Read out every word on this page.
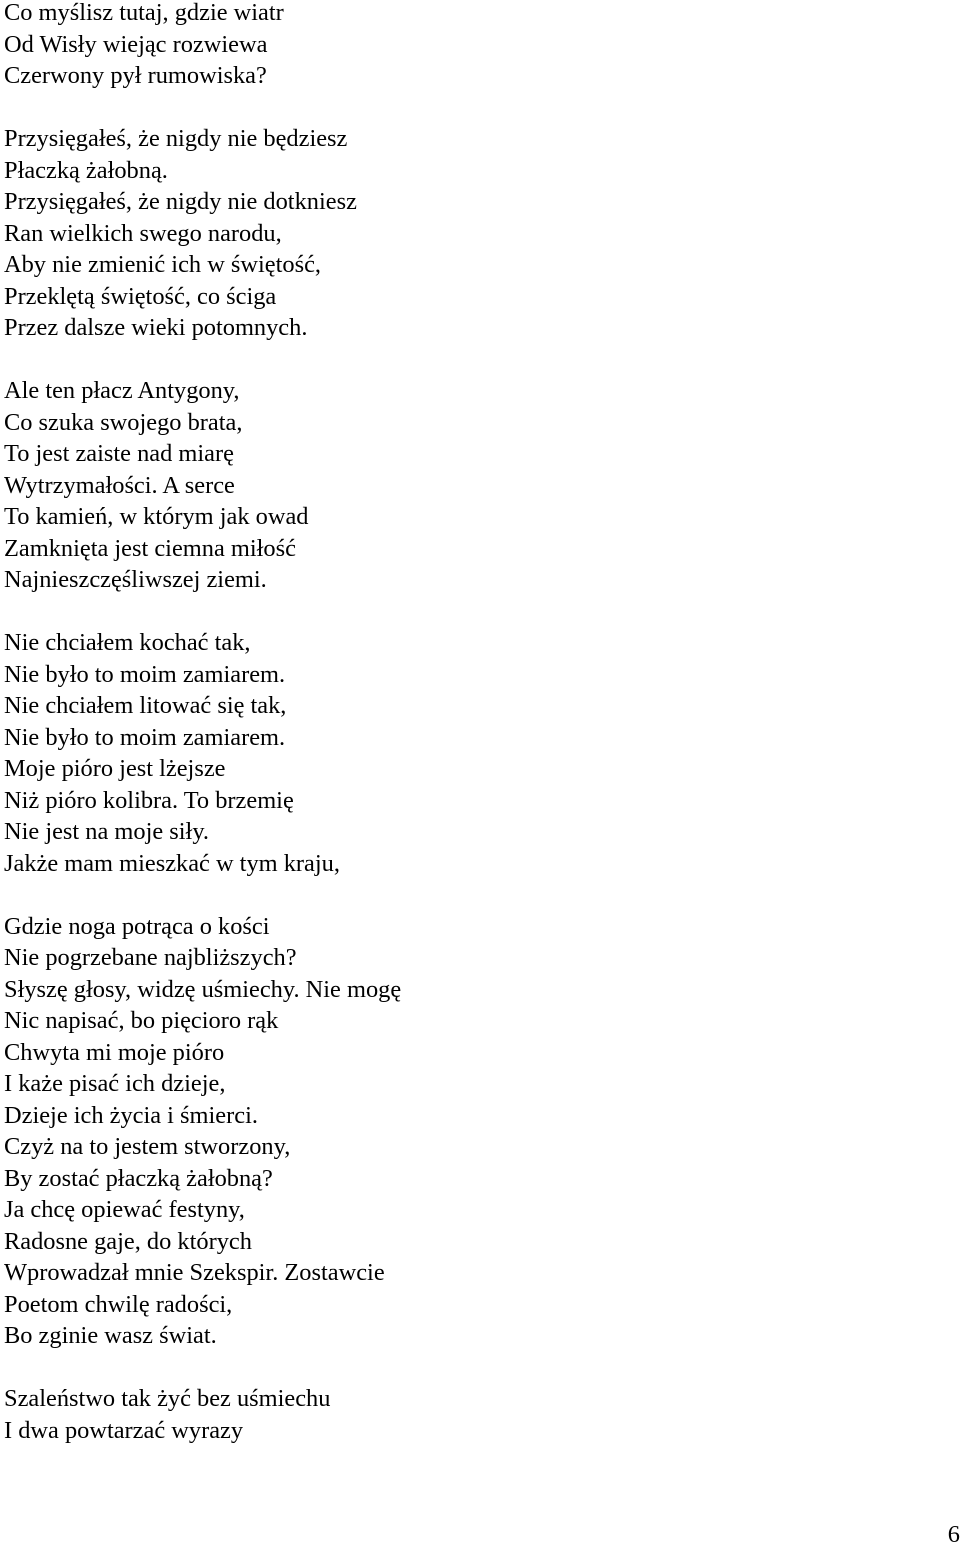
Co myślisz tutaj, gdzie wiatr
Od Wisły wiejąc rozwiewa
Czerwony pył rumowiska?
Przysięgałeś, że nigdy nie będziesz
Płaczką żałobną.
Przysięgałeś, że nigdy nie dotkniesz
Ran wielkich swego narodu,
Aby nie zmienić ich w świętość,
Przeklętą świętość, co ściga
Przez dalsze wieki potomnych.
Ale ten płacz Antygony,
Co szuka swojego brata,
To jest zaiste nad miarę
Wytrzymałości. A serce
To kamień, w którym jak owad
Zamknięta jest ciemna miłość
Najnieszczęśliwszej ziemi.
Nie chciałem kochać tak,
Nie było to moim zamiarem.
Nie chciałem litować się tak,
Nie było to moim zamiarem.
Moje pióro jest lżejsze
Niż pióro kolibra. To brzemię
Nie jest na moje siły.
Jakże mam mieszkać w tym kraju,
Gdzie noga potrąca o kości
Nie pogrzebane najbliższych?
Słyszę głosy, widzę uśmiechy. Nie mogę
Nic napisać, bo pięcioro rąk
Chwyta mi moje pióro
I każe pisać ich dzieje,
Dzieje ich życia i śmierci.
Czyż na to jestem stworzony,
By zostać płaczką żałobną?
Ja chcę opiewać festyny,
Radosne gaje, do których
Wprowadzał mnie Szekspir. Zostawcie
Poetom chwilę radości,
Bo zginie wasz świat.
Szaleństwo tak żyć bez uśmiechu
I dwa powtarzać wyrazy
6
